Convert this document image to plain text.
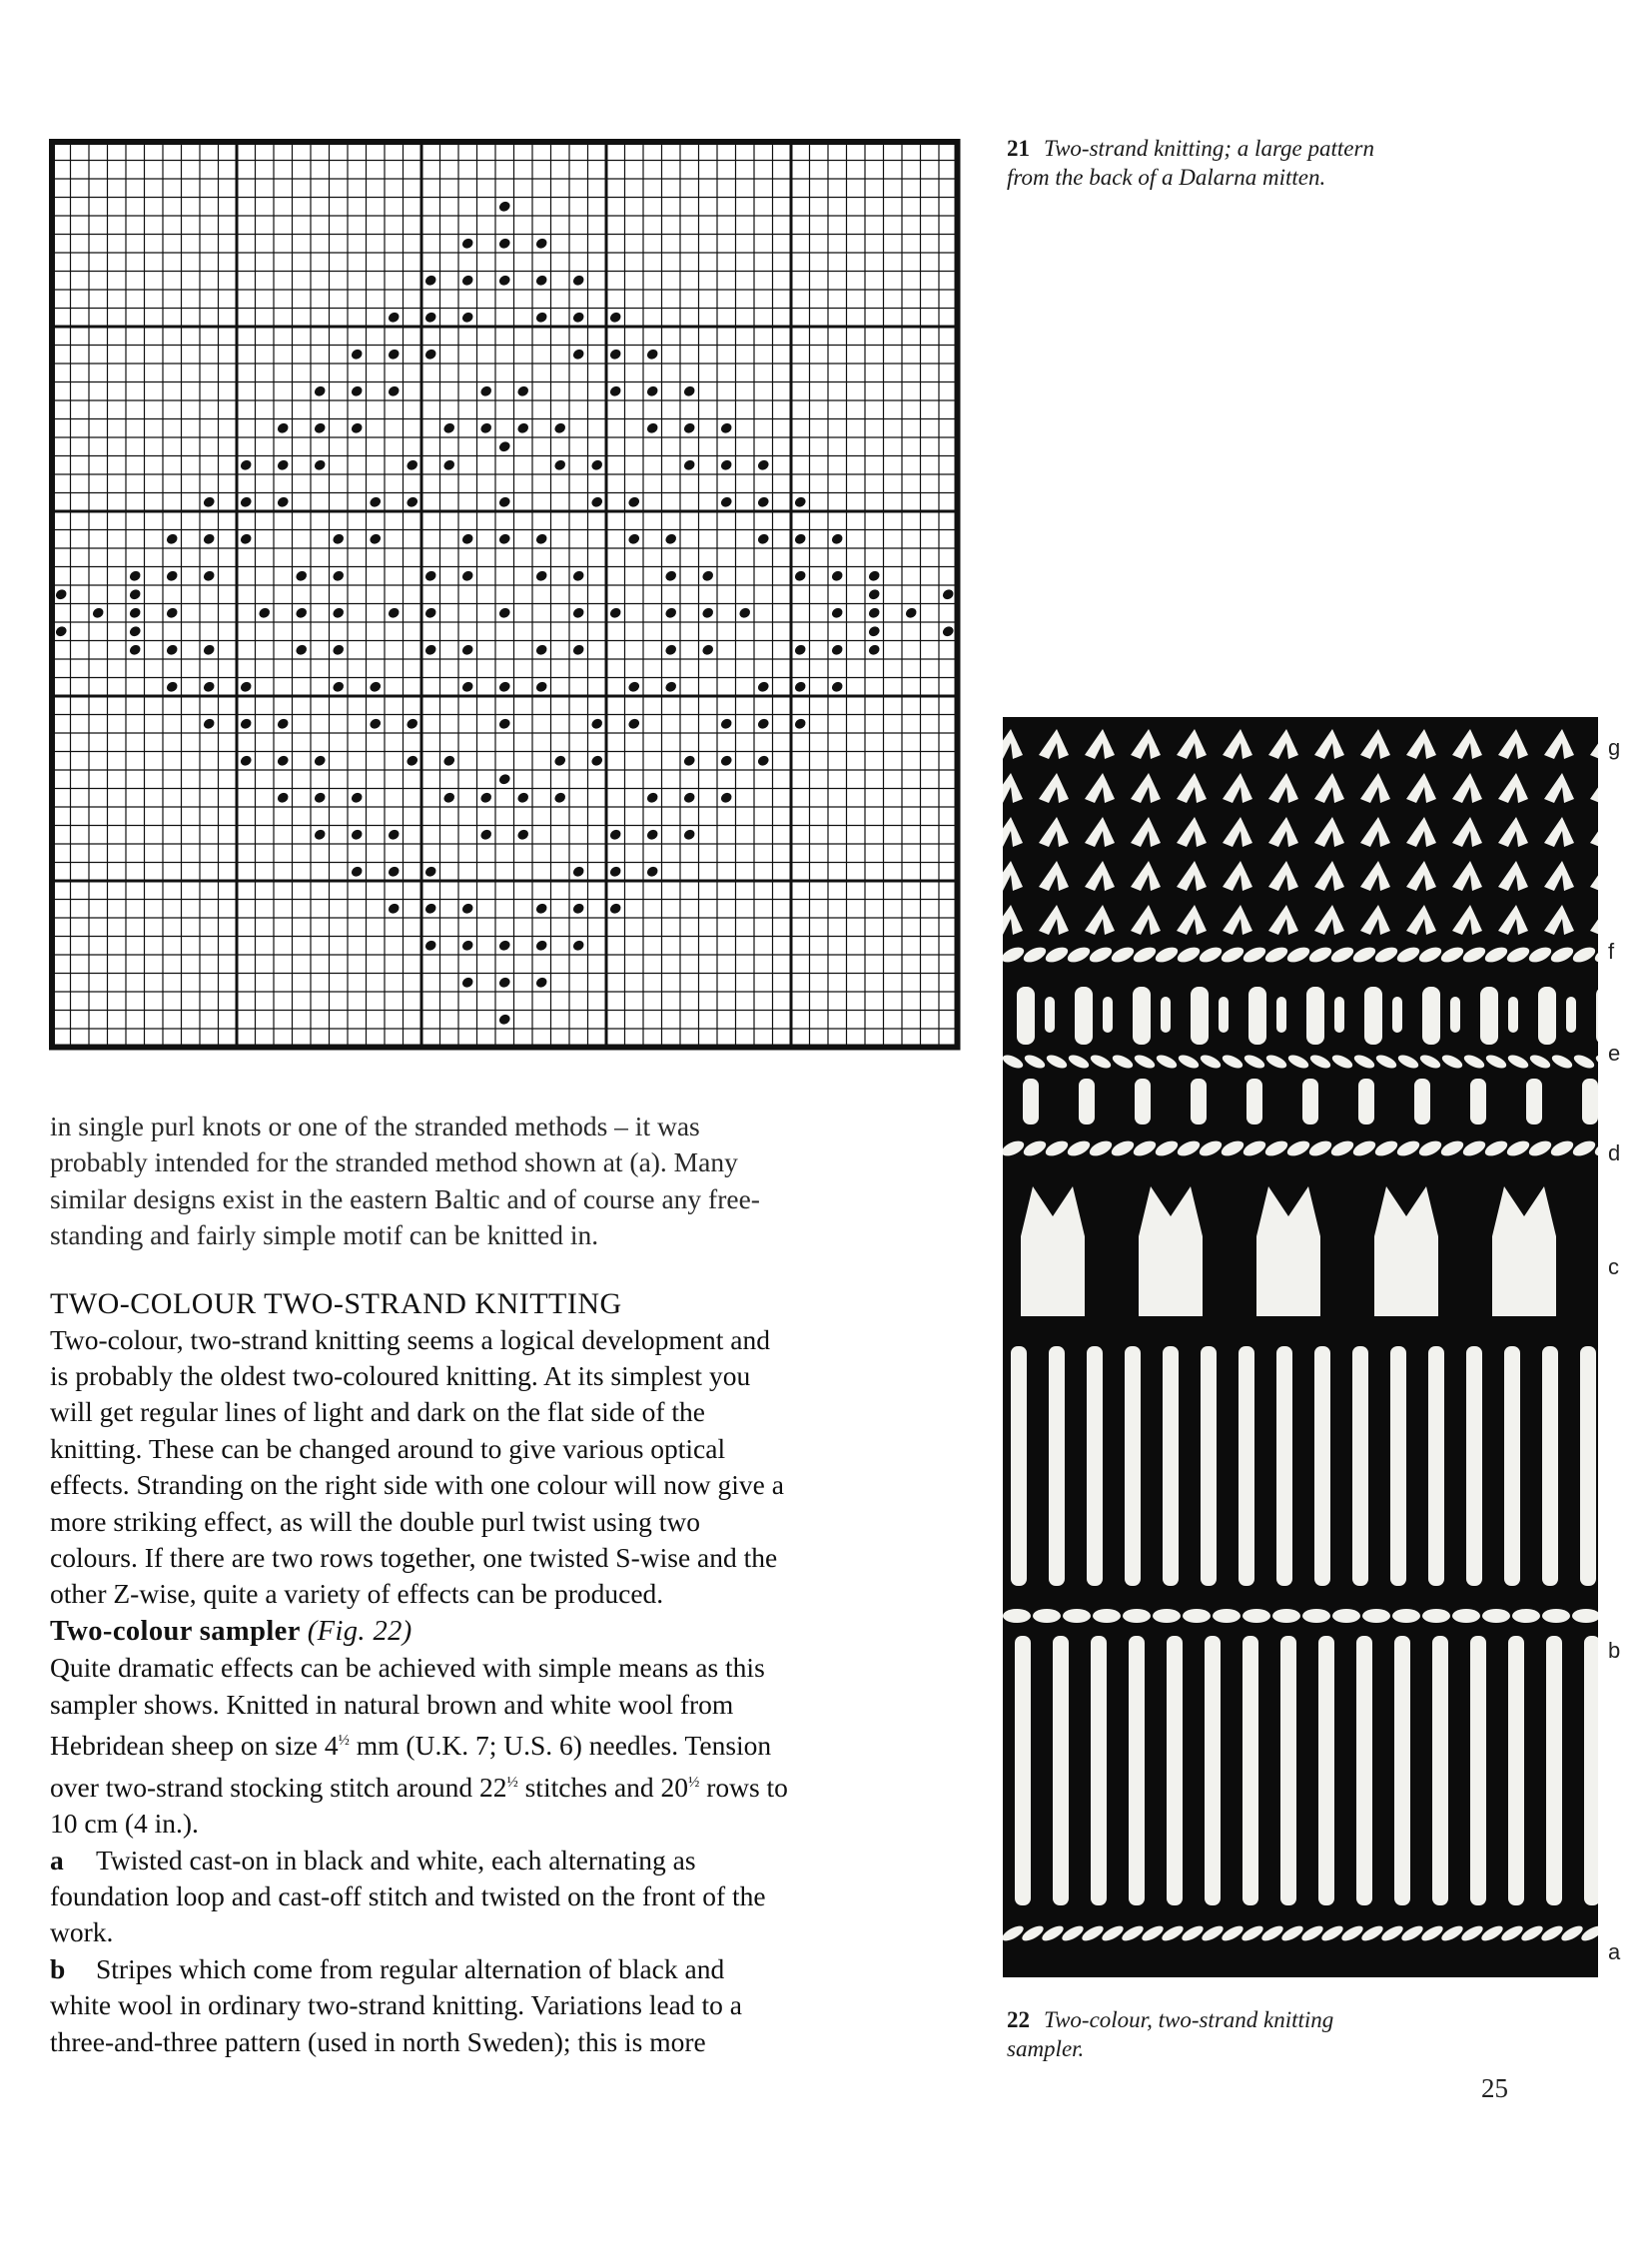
21 Two-strand knitting; a large pattern
from the back of a Dalarna mitten.
g
f
e
d
c
b
a
22 Two-colour, two-strand knitting
sampler.

in single purl knots or one of the stranded methods – it was
probably intended for the stranded method shown at (a). Many
similar designs exist in the eastern Baltic and of course any free-
standing and fairly simple motif can be knitted in.

TWO-COLOUR TWO-STRAND KNITTING

Two-colour, two-strand knitting seems a logical development and
is probably the oldest two-coloured knitting. At its simplest you
will get regular lines of light and dark on the flat side of the
knitting. These can be changed around to give various optical
effects. Stranding on the right side with one colour will now give a
more striking effect, as will the double purl twist using two
colours. If there are two rows together, one twisted S-wise and the
other Z-wise, quite a variety of effects can be produced.

Two-colour sampler (Fig. 22)

Quite dramatic effects can be achieved with simple means as this
sampler shows. Knitted in natural brown and white wool from
Hebridean sheep on size $4^{\frac{1}{2}}$ mm (U.K. 7; U.S. 6) needles. Tension
over two-strand stocking stitch around $22^{\frac{1}{2}}$ stitches and $20^{\frac{1}{2}}$ rows to
10 cm (4 in.).

a Twisted cast-on in black and white, each alternating as
foundation loop and cast-off stitch and twisted on the front of the
work.

b Stripes which come from regular alternation of black and
white wool in ordinary two-strand knitting. Variations lead to a
three-and-three pattern (used in north Sweden); this is more

25
